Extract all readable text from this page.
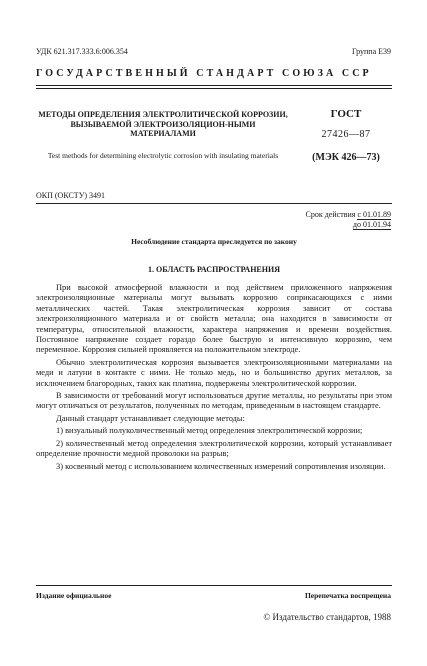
УДК 621.317.333.6:006.354	Группа Е39
ГОСУДАРСТВЕННЫЙ СТАНДАРТ СОЮЗА ССР
МЕТОДЫ ОПРЕДЕЛЕНИЯ ЭЛЕКТРОЛИТИЧЕСКОЙ КОРРОЗИИ, ВЫЗЫВАЕМОЙ ЭЛЕКТРОИЗОЛЯЦИОН-НЫМИ МАТЕРИАЛАМИ
ГОСТ
27426—87
Test methods for determining electrolytic corrosion with insulating materials	(МЭК 426—73)
ОКП (ОКСТУ) 3491
Срок действия с 01.01.89
до 01.01.94
Несоблюдение стандарта преследуется по закону
1. ОБЛАСТЬ РАСПРОСТРАНЕНИЯ

При высокой атмосферной влажности и под действием приложенного напряжения электроизоляционные материалы могут вызывать коррозию соприкасающихся с ними металлических частей. Такая электролитическая коррозия зависит от состава электроизоляционного материала и от свойств металла; она находится в зависимости от температуры, относительной влажности, характера напряжения и времени воздействия. Постоянное напряжение создает гораздо более быструю и интенсивную коррозию, чем переменное. Коррозия сильней проявляется на положительном электроде.

Обычно электролитическая коррозия вызывается электроизоляционными материалами на меди и латуни в контакте с ними. Не только медь, но и большинство других металлов, за исключением благородных, таких как платина, подвержены электролитической коррозии.

В зависимости от требований могут использоваться другие металлы, но результаты при этом могут отличаться от результатов, полученных по методам, приведенным в настоящем стандарте.

Данный стандарт устанавливает следующие методы:

1) визуальный полуколичественный метод определения электролитической коррозии;

2) количественный метод определения электролитической коррозии, который устанавливает определение прочности медной проволоки на разрыв;

3) косвенный метод с использованием количественных измерений сопротивления изоляции.

Издание официальное	Перепечатка воспрещена
© Издательство стандартов, 1988
